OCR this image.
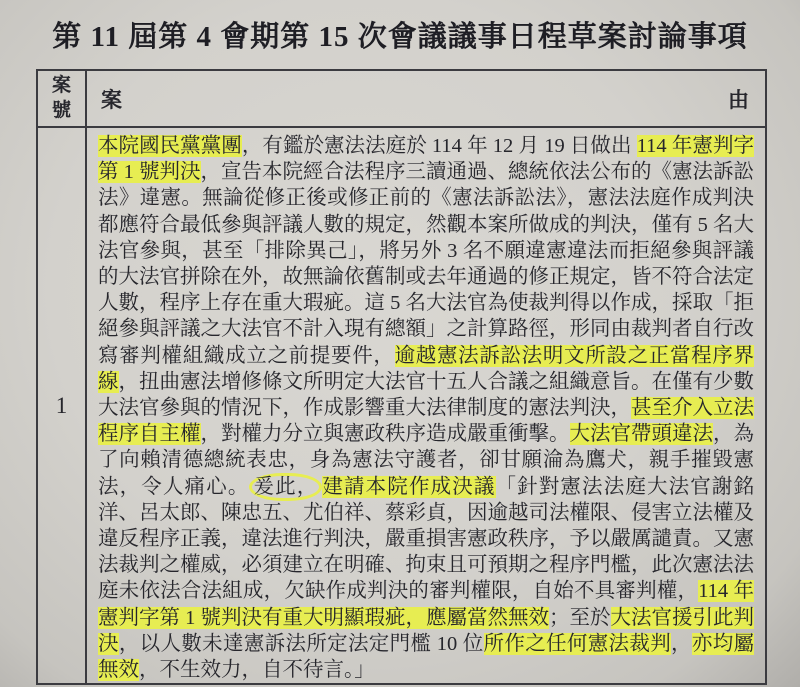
第 11 屆第 4 會期第 15 次會議議事日程草案討論事項
案
號 案	由
1

本院國民黨黨團，有鑑於憲法法庭於 114 年 12 月 19 日做出 114 年憲判字第 1 號判決，宣告本院經合法程序三讀通過、總統依法公布的《憲法訴訟法》違憲。無論從修正後或修正前的《憲法訴訟法》，憲法法庭作成判決都應符合最低參與評議人數的規定，然觀本案所做成的判決，僅有 5 名大法官參與，甚至「排除異己」，將另外 3 名不願違憲違法而拒絕參與評議的大法官拼除在外，故無論依舊制或去年通過的修正規定，皆不符合法定人數，程序上存在重大瑕疵。這 5 名大法官為使裁判得以作成，採取「拒絕參與評議之大法官不計入現有總額」之計算路徑，形同由裁判者自行改寫審判權組織成立之前提要件，逾越憲法訴訟法明文所設之正當程序界線，扭曲憲法增修條文所明定大法官十五人合議之組織意旨。在僅有少數大法官參與的情況下，作成影響重大法律制度的憲法判決，甚至介入立法程序自主權，對權力分立與憲政秩序造成嚴重衝擊。大法官帶頭違法，為了向賴清德總統表忠，身為憲法守護者，卻甘願淪為鷹犬，親手摧毀憲法，令人痛心。 爰此， 建請本院作成決議「針對憲法法庭大法官謝銘洋、呂太郎、陳忠五、尤伯祥、蔡彩貞，因逾越司法權限、侵害立法權及違反程序正義，違法進行判決，嚴重損害憲政秩序，予以嚴厲譴責。又憲法裁判之權威，必須建立在明確、拘束且可預期之程序門檻，此次憲法法庭未依法合法組成，欠缺作成判決的審判權限，自始不具審判權，114 年憲判字第 1 號判決有重大明顯瑕疵，應屬當然無效；至於大法官援引此判決，以人數未達憲訴法所定法定門檻 10 位所作之任何憲法裁判，亦均屬無效，不生效力，自不待言。」
